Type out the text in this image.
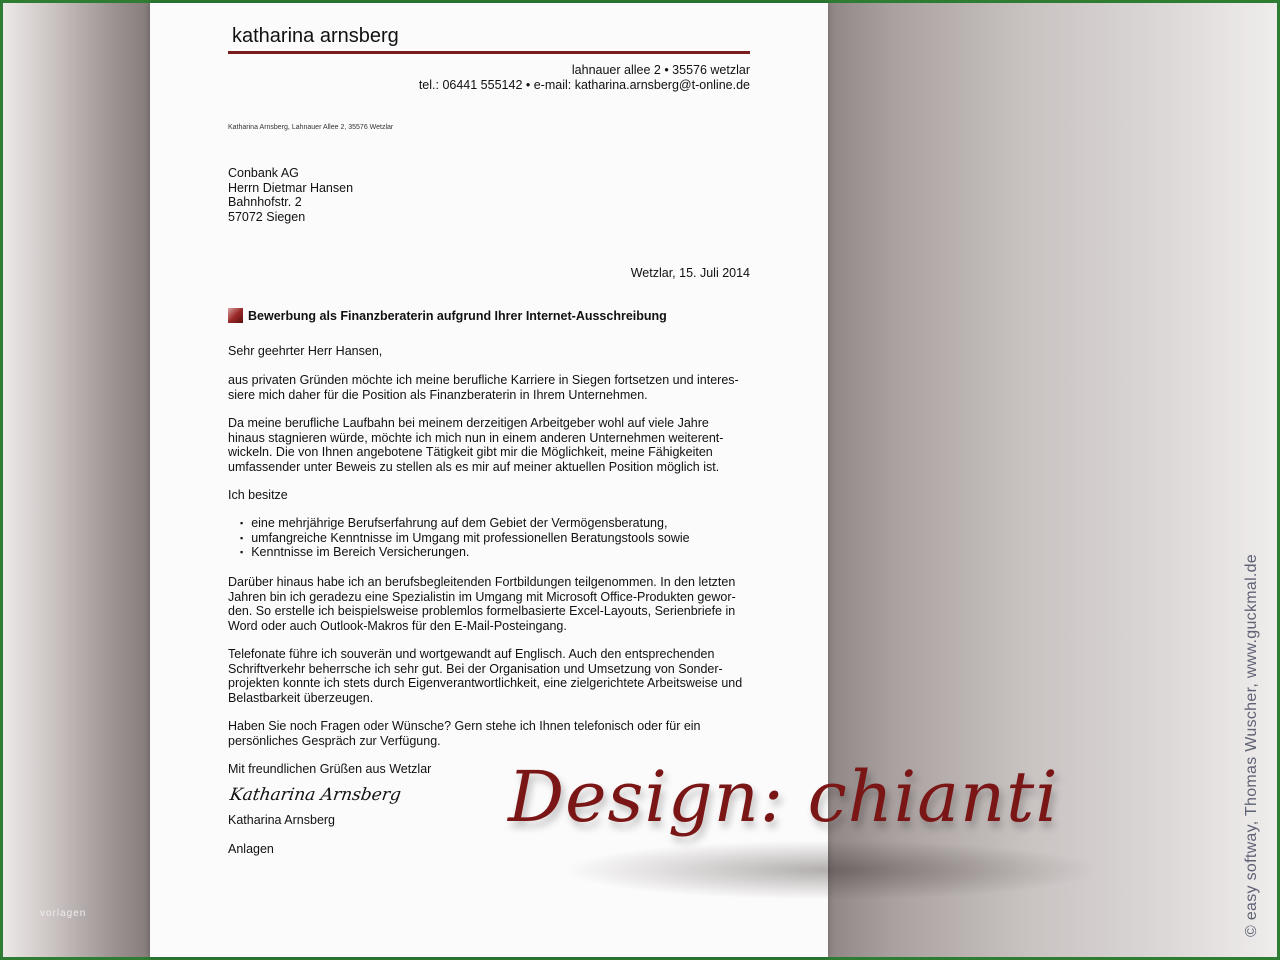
katharina arnsberg
lahnauer allee 2 • 35576 wetzlar
tel.: 06441 555142 • e-mail: katharina.arnsberg@t-online.de
Katharina Arnsberg, Lahnauer Allee 2, 35576 Wetzlar
Conbank AG
Herrn Dietmar Hansen
Bahnhofstr. 2
57072 Siegen
Wetzlar, 15. Juli 2014
Bewerbung als Finanzberaterin aufgrund Ihrer Internet-Ausschreibung

Sehr geehrter Herr Hansen,

aus privaten Gründen möchte ich meine berufliche Karriere in Siegen fortsetzen und interes-
siere mich daher für die Position als Finanzberaterin in Ihrem Unternehmen.

Da meine berufliche Laufbahn bei meinem derzeitigen Arbeitgeber wohl auf viele Jahre
hinaus stagnieren würde, möchte ich mich nun in einem anderen Unternehmen weiterent-
wickeln. Die von Ihnen angebotene Tätigkeit gibt mir die Möglichkeit, meine Fähigkeiten
umfassender unter Beweis zu stellen als es mir auf meiner aktuellen Position möglich ist.

Ich besitze

▪ eine mehrjährige Berufserfahrung auf dem Gebiet der Vermögensberatung,
▪ umfangreiche Kenntnisse im Umgang mit professionellen Beratungstools sowie
▪ Kenntnisse im Bereich Versicherungen.

Darüber hinaus habe ich an berufsbegleitenden Fortbildungen teilgenommen. In den letzten
Jahren bin ich geradezu eine Spezialistin im Umgang mit Microsoft Office-Produkten gewor-
den. So erstelle ich beispielsweise problemlos formelbasierte Excel-Layouts, Serienbriefe in
Word oder auch Outlook-Makros für den E-Mail-Posteingang.

Telefonate führe ich souverän und wortgewandt auf Englisch. Auch den entsprechenden
Schriftverkehr beherrsche ich sehr gut. Bei der Organisation und Umsetzung von Sonder-
projekten konnte ich stets durch Eigenverantwortlichkeit, eine zielgerichtete Arbeitsweise und
Belastbarkeit überzeugen.

Haben Sie noch Fragen oder Wünsche? Gern stehe ich Ihnen telefonisch oder für ein
persönliches Gespräch zur Verfügung.

Mit freundlichen Grüßen aus Wetzlar

Katharina Arnsberg

Katharina Arnsberg

Anlagen

Design: chianti
vorlagen	© easy softway, Thomas Wuscher, www.guckmal.de
